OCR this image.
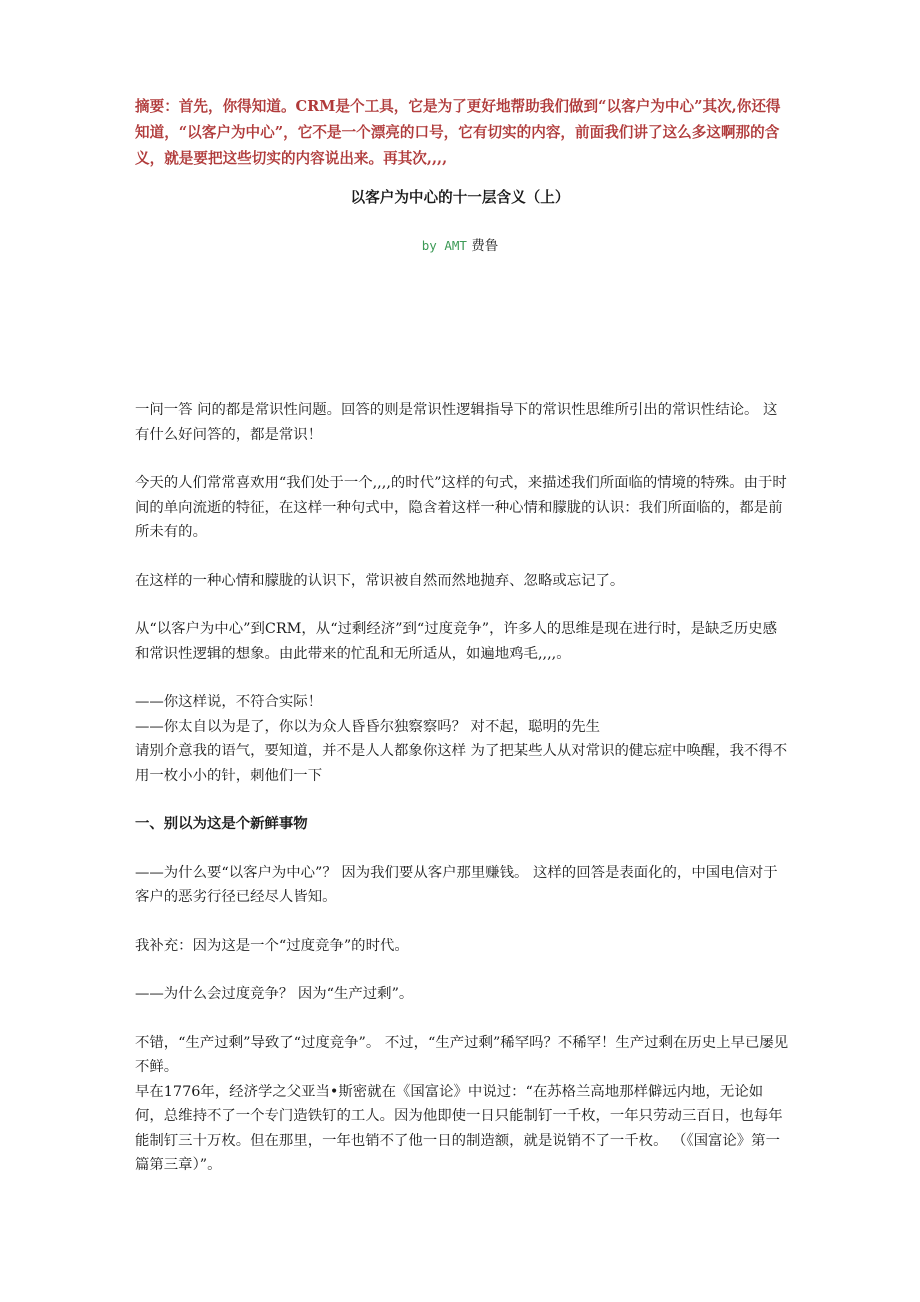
摘要：首先，你得知道。CRM是个工具，它是为了更好地帮助我们做到“以客户为中心”其次,你还得知道，“以客户为中心”，它不是一个漂亮的口号，它有切实的内容，前面我们讲了这么多这啊那的含义，就是要把这些切实的内容说出来。再其次,,,,
以客户为中心的十一层含义（上）
by AMT 费鲁

一问一答 问的都是常识性问题。回答的则是常识性逻辑指导下的常识性思维所引出的常识性结论。 这有什么好问答的，都是常识！

今天的人们常常喜欢用“我们处于一个,,,,的时代”这样的句式，来描述我们所面临的情境的特殊。由于时间的单向流逝的特征，在这样一种句式中，隐含着这样一种心情和朦胧的认识：我们所面临的，都是前所未有的。

在这样的一种心情和朦胧的认识下，常识被自然而然地抛弃、忽略或忘记了。

从“以客户为中心”到CRM，从“过剩经济”到“过度竞争”，许多人的思维是现在进行时，是缺乏历史感和常识性逻辑的想象。由此带来的忙乱和无所适从，如遍地鸡毛,,,,。

——你这样说，不符合实际！

——你太自以为是了，你以为众人昏昏尔独察察吗？ 对不起，聪明的先生

请别介意我的语气，要知道，并不是人人都象你这样 为了把某些人从对常识的健忘症中唤醒，我不得不用一枚小小的针，刺他们一下

一、别以为这是个新鲜事物

——为什么要“以客户为中心”？ 因为我们要从客户那里赚钱。 这样的回答是表面化的，中国电信对于客户的恶劣行径已经尽人皆知。

我补充：因为这是一个“过度竞争”的时代。

——为什么会过度竞争？ 因为“生产过剩”。

不错，“生产过剩”导致了“过度竞争”。 不过，“生产过剩”稀罕吗？不稀罕！生产过剩在历史上早已屡见不鲜。

早在1776年，经济学之父亚当•斯密就在《国富论》中说过：“在苏格兰高地那样僻远内地，无论如何，总维持不了一个专门造铁钉的工人。因为他即使一日只能制钉一千枚，一年只劳动三百日，也每年能制钉三十万枚。但在那里，一年也销不了他一日的制造额，就是说销不了一千枚。 （《国富论》第一篇第三章）”。
